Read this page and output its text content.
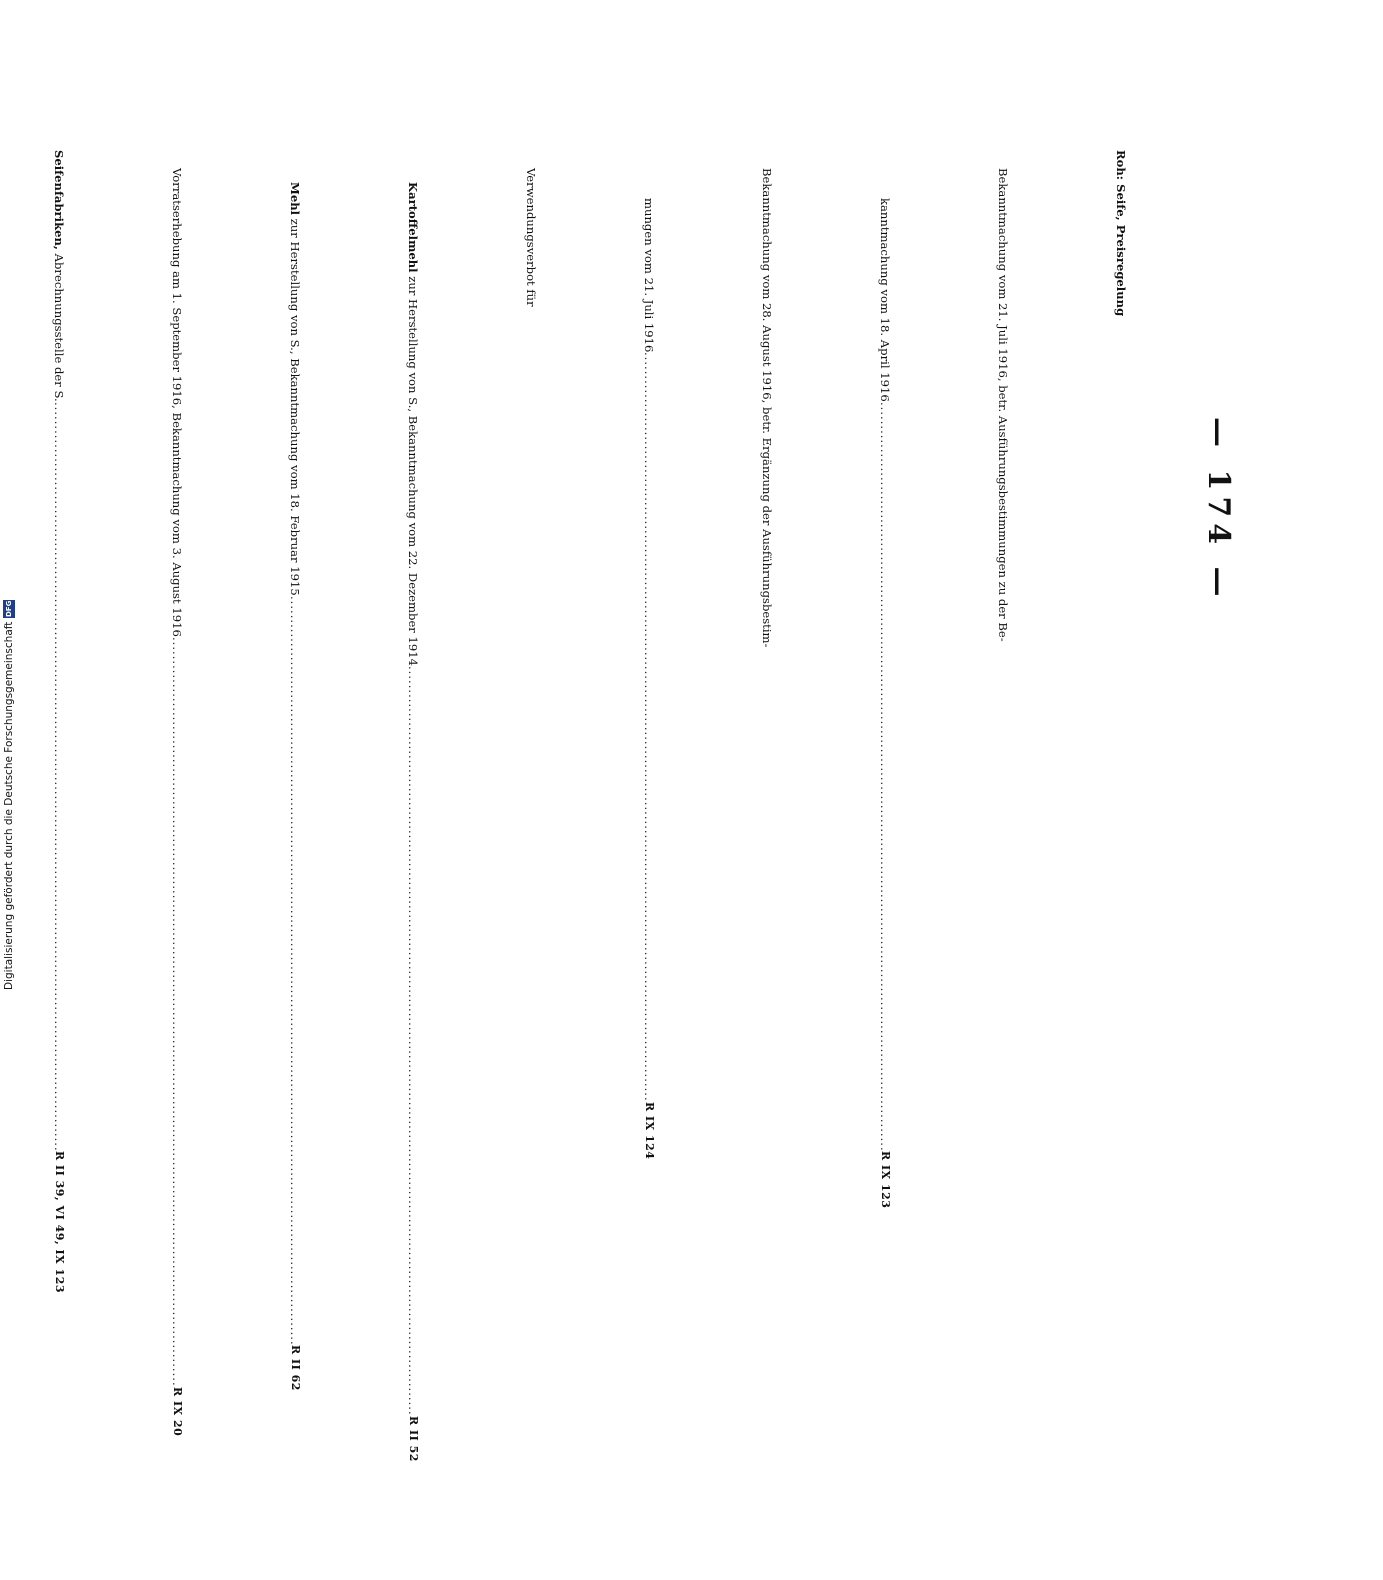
— 174 —
Roh: Seife, Preisregelung
Bekanntmachung vom 21. Juli 1916, betr. Ausführungsbestimmungen zu der Be-
kanntmachung vom 18. April 1916
................................................................................................................................................................
R IX 123
Bekanntmachung vom 28. August 1916, betr. Ergänzung der Ausführungsbestim-
mungen vom 21. Juli 1916
................................................................................................................................................................
R IX 124
Verwendungsverbot für
Kartoffelmehl zur Herstellung von S., Bekanntmachung vom 22. Dezember 1914
................................................................................................................................................................
R II 52
Mehl zur Herstellung von S., Bekanntmachung vom 18. Februar 1915
................................................................................................................................................................
R II 62
Vorratserhebung am 1. September 1916, Bekanntmachung vom 3. August 1916
................................................................................................................................................................
R IX 20
Seifenfabriken, Abrechnungsstelle der S.
................................................................................................................................................................
R II 39, VI 49, IX 123
Digitalisierung gefördert durch die Deutsche Forschungsgemeinschaft
DFG
